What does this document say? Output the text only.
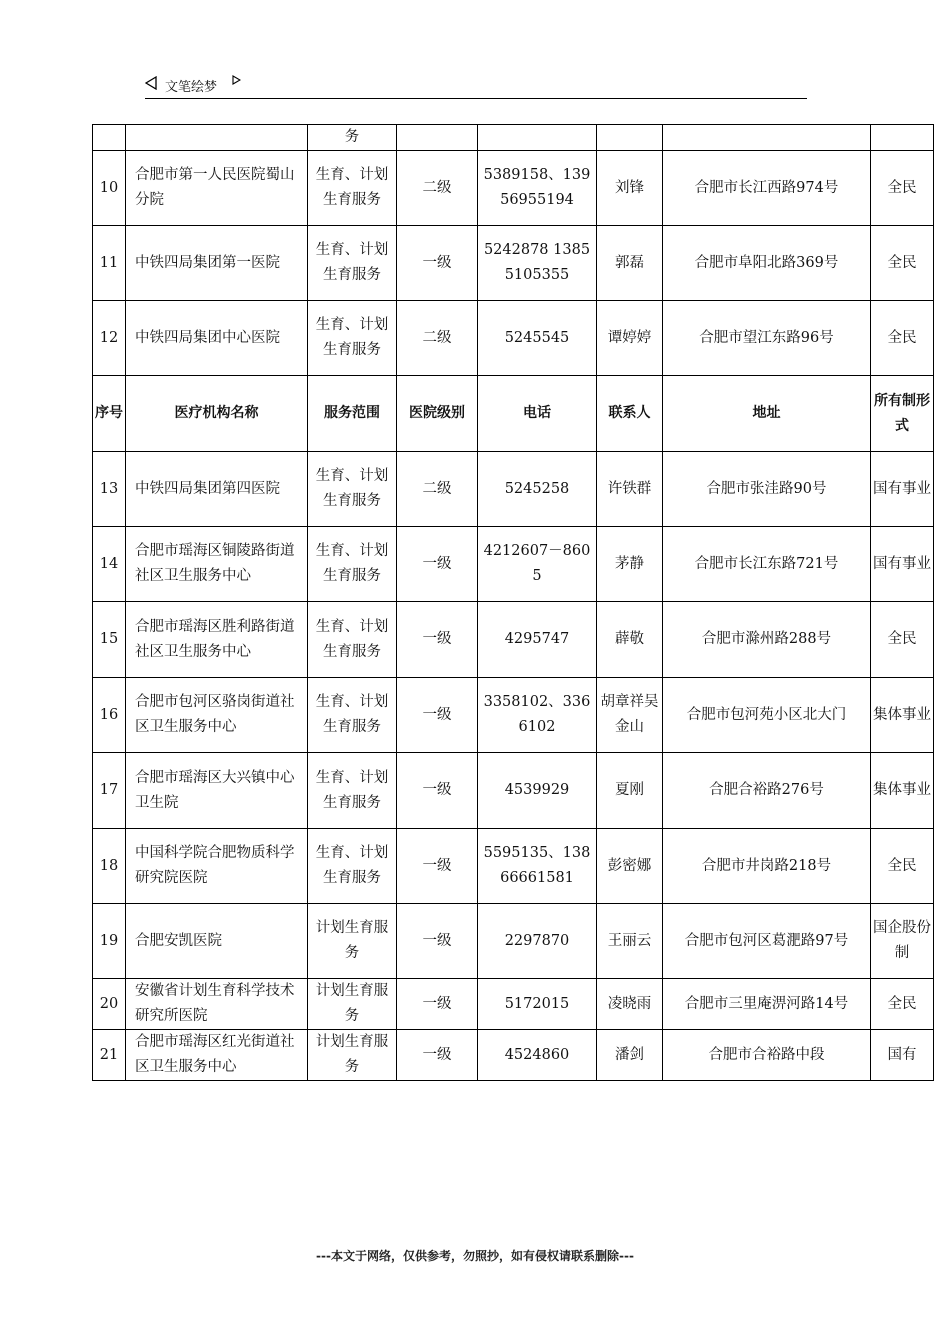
文笔绘梦
		务					
10	合肥市第一人民医院蜀山分院	生育、计划生育服务	二级	5389158、13956955194	刘锋	合肥市长江西路974号	全民
11	中铁四局集团第一医院	生育、计划生育服务	一级	5242878 13855105355	郭磊	合肥市阜阳北路369号	全民
12	中铁四局集团中心医院	生育、计划生育服务	二级	5245545	谭婷婷	合肥市望江东路96号	全民
序号	医疗机构名称	服务范围	医院级别	电话	联系人	地址	所有制形式
13	中铁四局集团第四医院	生育、计划生育服务	二级	5245258	许铁群	合肥市张洼路90号	国有事业
14	合肥市瑶海区铜陵路街道社区卫生服务中心	生育、计划生育服务	一级	4212607－8605	茅静	合肥市长江东路721号	国有事业
15	合肥市瑶海区胜利路街道社区卫生服务中心	生育、计划生育服务	一级	4295747	薜敬	合肥市滁州路288号	全民
16	合肥市包河区骆岗街道社区卫生服务中心	生育、计划生育服务	一级	3358102、3366102	胡章祥吴金山	合肥市包河苑小区北大门	集体事业
17	合肥市瑶海区大兴镇中心卫生院	生育、计划生育服务	一级	4539929	夏刚	合肥合裕路276号	集体事业
18	中国科学院合肥物质科学研究院医院	生育、计划生育服务	一级	5595135、13866661581	彭密娜	合肥市井岗路218号	全民
19	合肥安凯医院	计划生育服务	一级	2297870	王丽云	合肥市包河区葛淝路97号	国企股份制
20	安徽省计划生育科学技术研究所医院	计划生育服务	一级	5172015	凌晓雨	合肥市三里庵淠河路14号	全民
21	合肥市瑶海区红光街道社区卫生服务中心	计划生育服务	一级	4524860	潘剑	合肥市合裕路中段	国有
---本文于网络，仅供参考，勿照抄，如有侵权请联系删除---
